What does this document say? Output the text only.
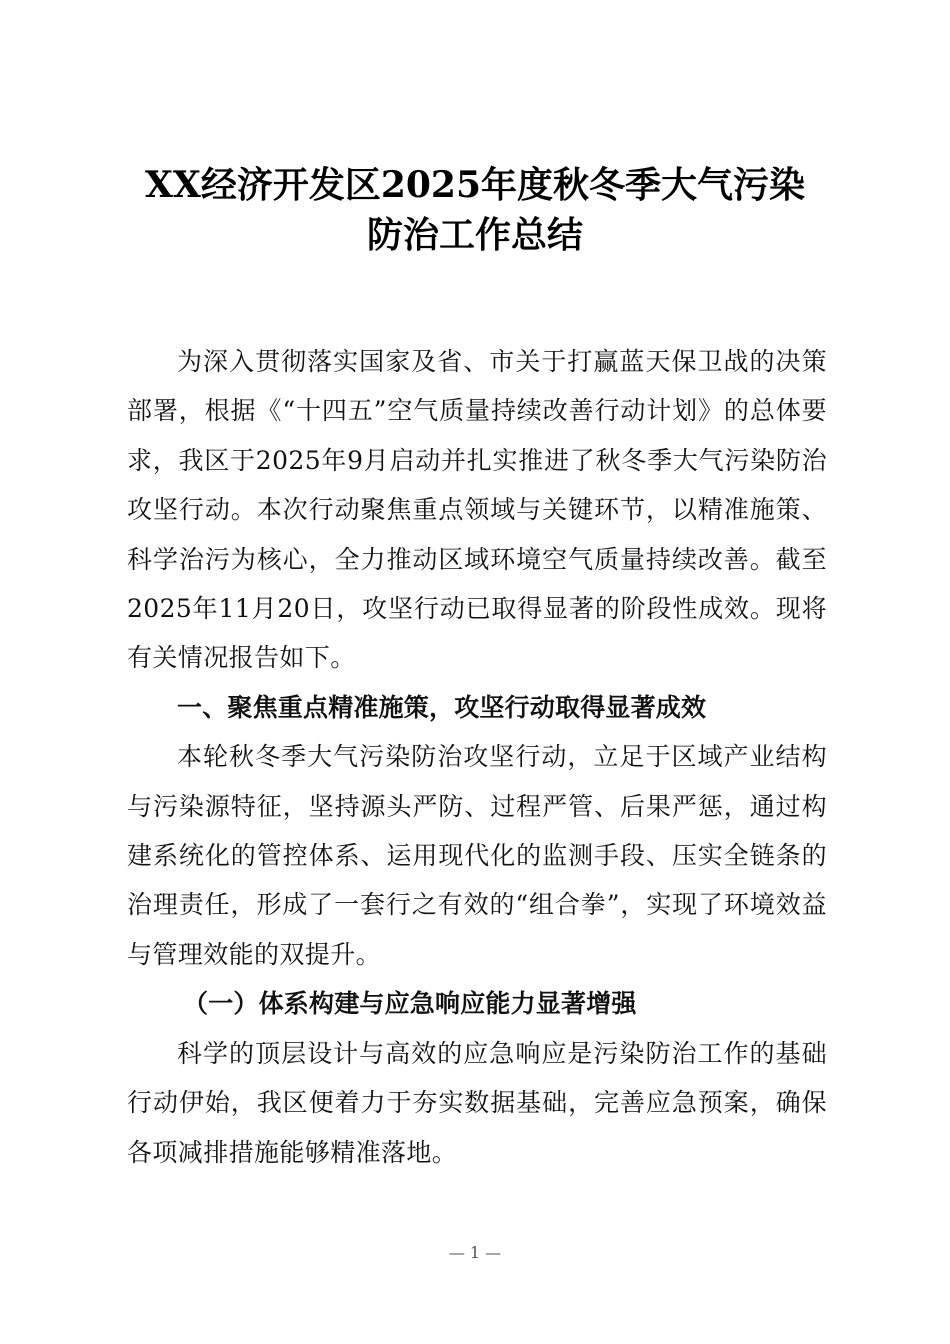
XX经济开发区2025年度秋冬季大气污染
防治工作总结

为深入贯彻落实国家及省、市关于打赢蓝天保卫战的决策部署，根据《“十四五”空气质量持续改善行动计划》的总体要求，我区于2025年9月启动并扎实推进了秋冬季大气污染防治攻坚行动。本次行动聚焦重点领域与关键环节，以精准施策、科学治污为核心，全力推动区域环境空气质量持续改善。截至2025年11月20日，攻坚行动已取得显著的阶段性成效。现将有关情况报告如下。

一、聚焦重点精准施策，攻坚行动取得显著成效

本轮秋冬季大气污染防治攻坚行动，立足于区域产业结构与污染源特征，坚持源头严防、过程严管、后果严惩，通过构建系统化的管控体系、运用现代化的监测手段、压实全链条的治理责任，形成了一套行之有效的“组合拳”，实现了环境效益与管理效能的双提升。

（一）体系构建与应急响应能力显著增强

科学的顶层设计与高效的应急响应是污染防治工作的基础行动伊始，我区便着力于夯实数据基础，完善应急预案，确保各项减排措施能够精准落地。

— 1 —
